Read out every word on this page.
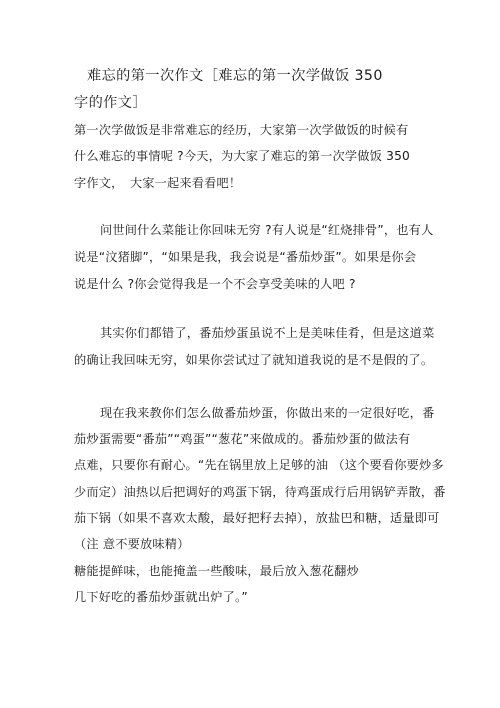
难忘的第一次作文［难忘的第一次学做饭 350
字的作文］
第一次学做饭是非常难忘的经历，大家第一次学做饭的时候有
什么难忘的事情呢 ?今天，为大家了难忘的第一次学做饭 350
字作文，　大家一起来看看吧！
问世间什么菜能让你回味无穷 ?有人说是“红烧排骨”，也有人
说是“汶猪脚”，“如果是我，我会说是“番茄炒蛋”。如果是你会
说是什么 ?你会觉得我是一个不会享受美味的人吧 ?
其实你们都错了，番茄炒蛋虽说不上是美味佳肴，但是这道菜
的确让我回味无穷，如果你尝试过了就知道我说的是不是假的了。
现在我来教你们怎么做番茄炒蛋，你做出来的一定很好吃，番
茄炒蛋需要“番茄”“鸡蛋”“葱花”来做成的。番茄炒蛋的做法有
点难，只要你有耐心。“先在锅里放上足够的油 （这个要看你要炒多
少而定）油热以后把调好的鸡蛋下锅，待鸡蛋成行后用锅铲弄散，番
茄下锅（如果不喜欢太酸，最好把籽去掉），放盐巴和糖，适量即可
（注 意不要放味精）
糖能提鲜味，也能掩盖一些酸味，最后放入葱花翻炒
几下好吃的番茄炒蛋就出炉了。”
